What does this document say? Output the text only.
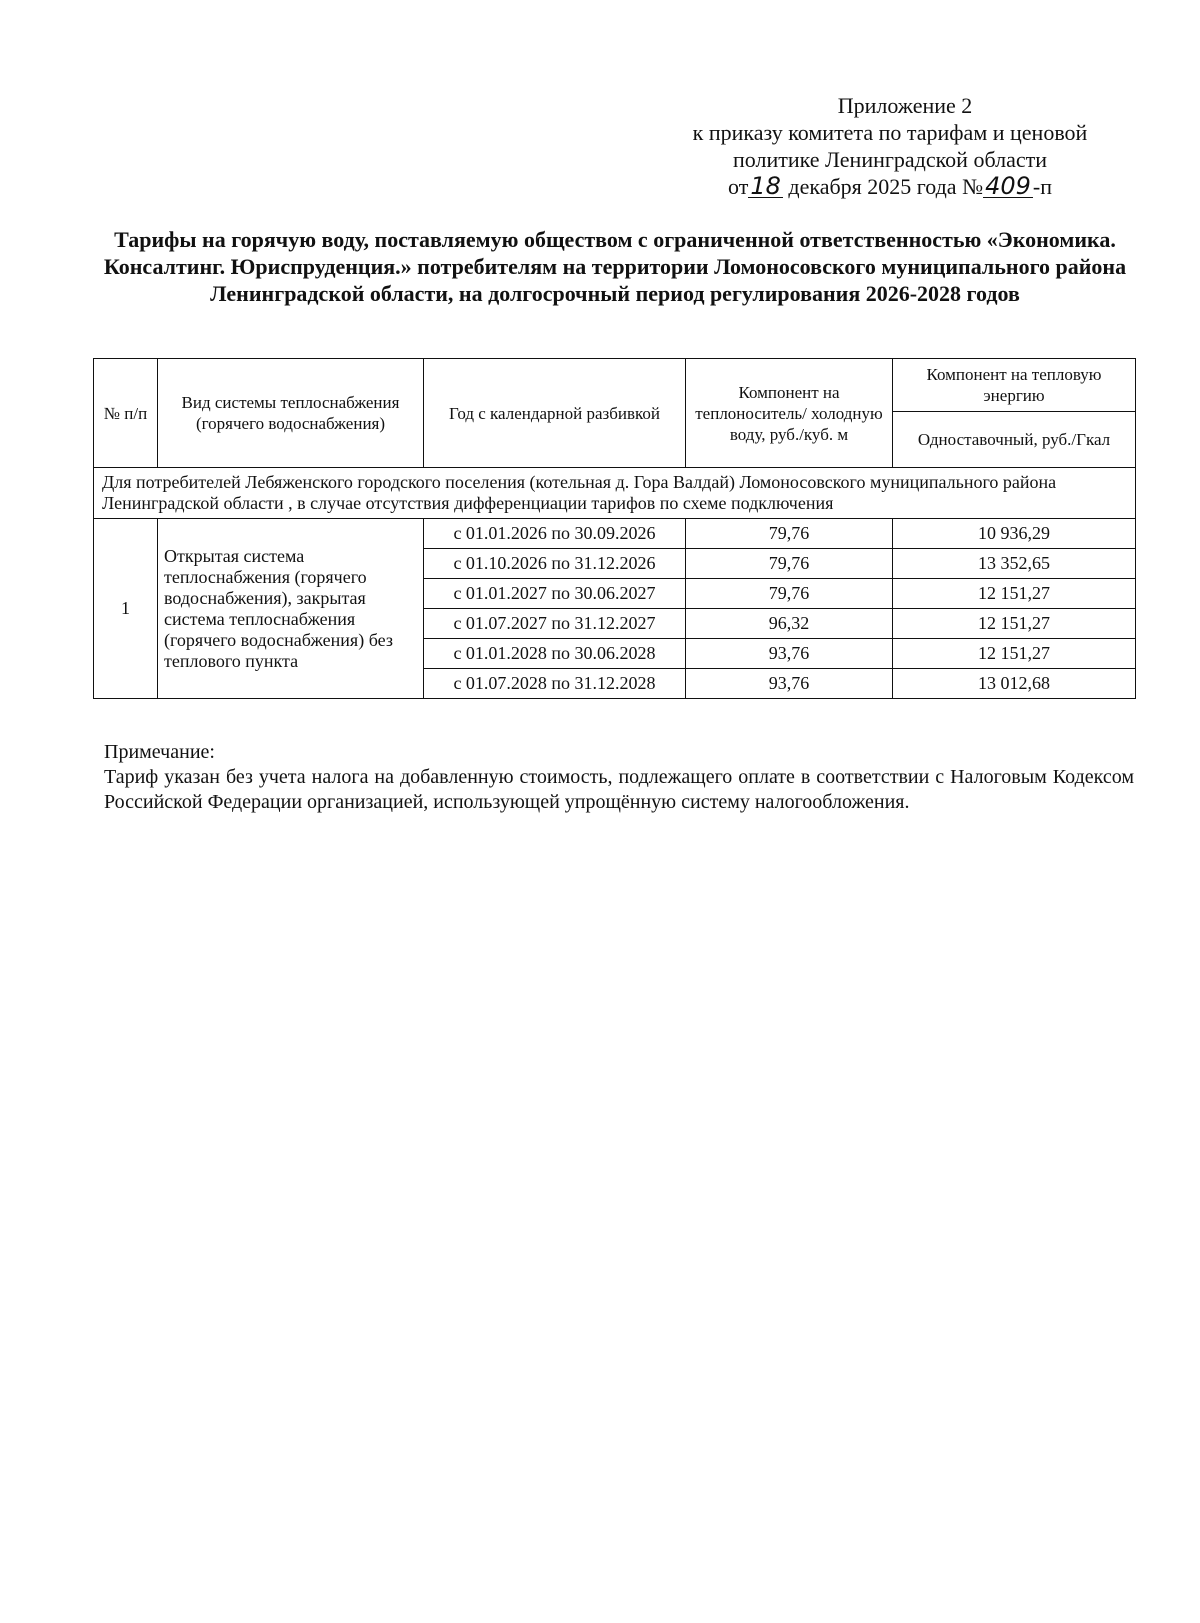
Приложение 2
к приказу комитета по тарифам и ценовой
политике Ленинградской области
от18 декабря 2025 года №409-п
Тарифы на горячую воду, поставляемую обществом с ограниченной ответственностью «Экономика. Консалтинг. Юриспруденция.» потребителям на территории Ломоносовского муниципального района Ленинградской области, на долгосрочный период регулирования 2026-2028 годов
№ п/п	Вид системы теплоснабжения (горячего водоснабжения)	Год с календарной разбивкой	Компонент на теплоноситель/ холодную воду, руб./куб. м	Компонент на тепловую энергию
				Одноставочный, руб./Гкал
Для потребителей Лебяженского городского поселения (котельная д. Гора Валдай) Ломоносовского муниципального района Ленинградской области , в случае отсутствия дифференциации тарифов по схеме подключения				
1	Открытая система теплоснабжения (горячего водоснабжения), закрытая система теплоснабжения (горячего водоснабжения) без теплового пункта	с 01.01.2026 по 30.09.2026	79,76	10 936,29
		с 01.10.2026 по 31.12.2026	79,76	13 352,65
		с 01.01.2027 по 30.06.2027	79,76	12 151,27
		с 01.07.2027 по 31.12.2027	96,32	12 151,27
		с 01.01.2028 по 30.06.2028	93,76	12 151,27
		с 01.07.2028 по 31.12.2028	93,76	13 012,68
Примечание:
Тариф указан без учета налога на добавленную стоимость, подлежащего оплате в соответствии с Налоговым Кодексом Российской Федерации организацией, использующей упрощённую систему налогообложения.
